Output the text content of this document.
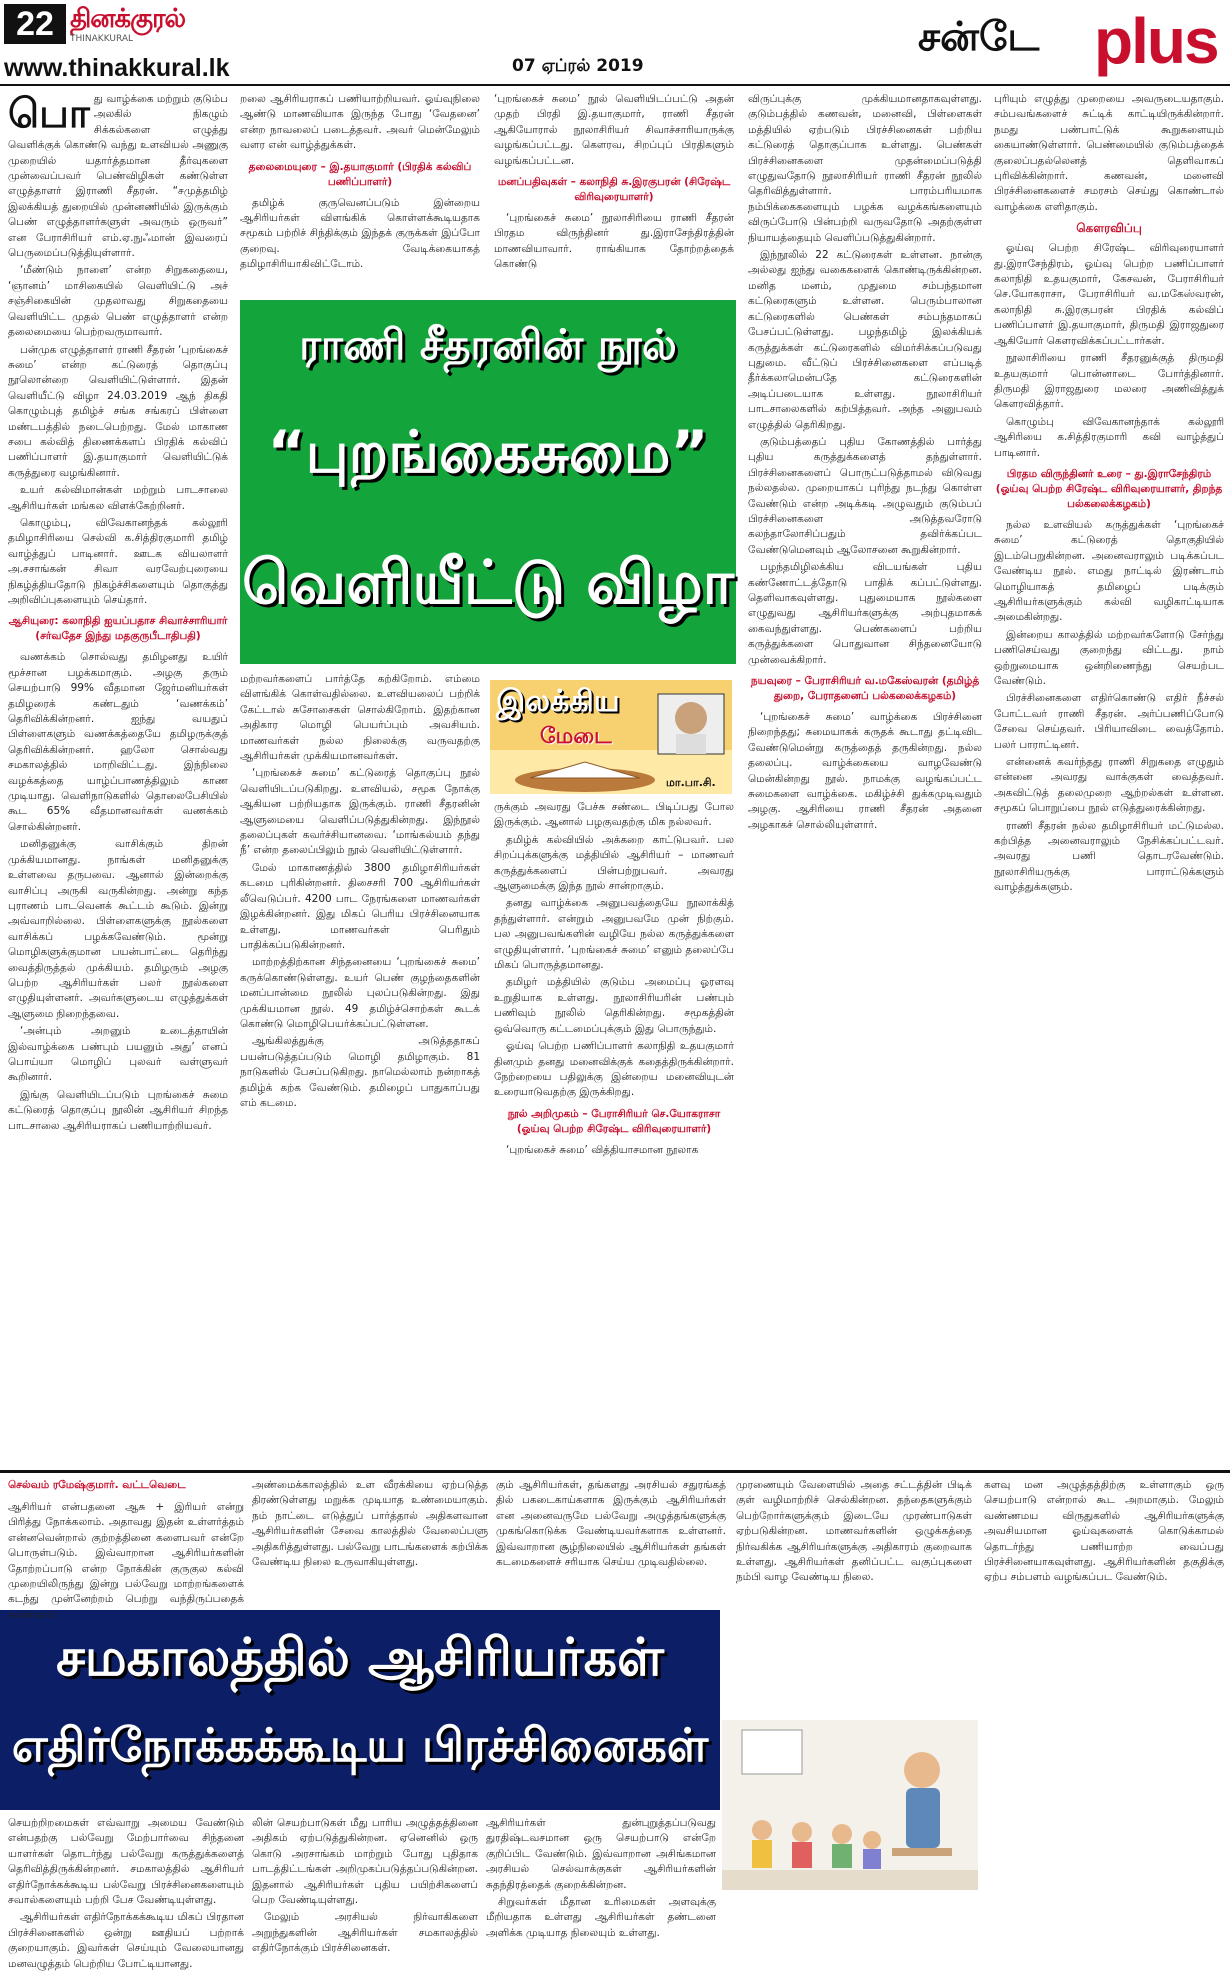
22 தினக்குரல்
THINAKKURAL
www.thinakkural.lk	07 ஏப்ரல் 2019
சன்டே plus

பொது வாழ்க்கை மற்றும் குடும்ப அலகில் நிகழும் சிக்கல்களை எழுத்து வெளிக்குக் கொண்டு வந்து உளவியல் அணுகு முறையில் யதார்த்தமான தீர்வுகளை முன்வைப்பவர் பெண்விழிகள் கண்டுள்ள எழுத்தாளர் இராணி சீதரன். “சமுத்தமிழ் இலக்கியத் துறையில் முன்னணியில் இருக்கும் பெண் எழுத்தாளர்களுள் அவரும் ஒருவர்” என பேராசிரியர் எம்.ஏ.நுஃமான் இவரைப் பெருமைப்படுத்தியுள்ளார்.

‘மீண்டும் நாளை’ என்ற சிறுகதையை, ‘ஞானம்’ மாசிகையில் வெளியிட்டு அச் சஞ்சிகையின் முதலாவது சிறுகதையை வெளியிட்ட முதல் பெண் எழுத்தாளர் என்ற தலைமையை பெற்றவருமாவார்.

பன்முக எழுத்தாளர் ராணி சீதரன் ‘புறங்கைச் சுமை’ என்ற கட்டுரைத் தொகுப்பு நூலொன்றை வெளியிட்டுள்ளார். இதன் வெளியீட்டு விழா 24.03.2019 ஆந் திகதி கொழும்புத் தமிழ்ச் சங்க சங்கரப் பிள்ளை மண்டபத்தில் நடைபெற்றது. மேல் மாகாண சபை கல்வித் திணைக்களப் பிரதிக் கல்விப் பணிப்பாளர் இ.தயாகுமார் வெளியிட்டுக் கருத்துரை வழங்கினார்.

உயர் கல்விமான்கள் மற்றும் பாடசாலை ஆசிரியர்கள் மங்கல விளக்கேற்றினர்.

கொழும்பு, விவேகானந்தக் கல்லூரி தமிழாசிரியை செல்வி க.சித்திரகுமாரி தமிழ் வாழ்த்துப் பாடினார். ஊடக வியலாளர் அ.சசாங்கன் சிவா வரவேற்புரையை நிகழ்த்தியதோடு நிகழ்ச்சிகளையும் தொகுத்து அறிவிப்புகளையும் செய்தார்.

ஆசியுரை: கலாநிதி ஐயப்பதாச சிவாச்சாரியார் (சர்வதேச இந்து மதகுருபீடாதிபதி)

வணக்கம் சொல்வது தமிழனது உயிர் மூச்சான பழக்கமாகும். அழகு தரும் செயற்பாடு 99% வீதமான ஜேர்மனியர்கள் தமிழரைக் கண்டதும் ‘வணக்கம்’ தெரிவிக்கின்றனர். ஐந்து வயதுப் பிள்ளைகளும் வணக்கத்தையே தமிழருக்குத் தெரிவிக்கின்றனர். ஹலோ சொல்வது சமகாலத்தில் மாறிவிட்டது. இந்நிலை வழக்கத்தை யாழ்ப்பாணத்திலும் காண முடியாது. வெளிநாடுகளில் தொலைபேசியில் கூட 65% வீதமானவர்கள் வணக்கம் சொல்கின்றனர்.

மனிதனுக்கு வாசிக்கும் திறன் முக்கியமானது. நாங்கள் மனிதனுக்கு உள்ளவை தருபவை. ஆனால் இன்றைக்கு வாசிப்பு அருகி வருகின்றது. அன்று கந்த புராணம் பாடவெனக் கூட்டம் கூடும். இன்று அவ்வாறில்லை. பிள்ளைகளுக்கு நூல்களை வாசிக்கப் பழக்கவேண்டும். மூன்று மொழிகளுக்குமான பயன்பாட்டை தெரிந்து வைத்திருத்தல் முக்கியம். தமிழரும் அழகு பெற்ற ஆசிரியர்கள் பலர் நூல்களை எழுதியுள்ளனர். அவர்களுடைய எழுத்துக்கள் ஆளுமை நிறைந்தவை.

‘அன்பும் அறனும் உடைத்தாயின் இல்வாழ்க்கை பண்பும் பயனும் அது’ எனப் பொய்யா மொழிப் புலவர் வள்ளுவர் கூறினார்.

இங்கு வெளியிடப்படும் புறங்கைச் சுமை கட்டுரைத் தொகுப்பு நூலின் ஆசிரியர் சிறந்த பாடசாலை ஆசிரியராகப் பணியாற்றியவர்.

றலை ஆசிரியராகப் பணியாற்றியவர். ஓய்வுநிலை ஆண்டு மாணவியாக இருந்த போது ‘வேதனை’ என்ற நாவலைப் படைத்தவர். அவர் மென்மேலும் வளர என் வாழ்த்துக்கள்.

தலைமையுரை – இ.தயாகுமார் (பிரதிக் கல்விப் பணிப்பாளர்)

தமிழ்க் குருவெனப்படும் இன்றைய ஆசிரியர்கள் விளங்கிக் கொள்ளக்கூடியதாக சமூகம் பற்றிச் சிந்திக்கும் இந்தக் குருக்கள் இப்போ குறைவு. வேடிக்கையாகத் தமிழாசிரியாகிவிட்டோம்.

‘புறங்கைச் சுமை’ நூல் வெளியிடப்பட்டு அதன் முதற் பிரதி இ.தயாகுமார், ராணி சீதரன் ஆகியோரால் நூலாசிரியர் சிவாச்சாரியாருக்கு வழங்கப்பட்டது. கௌரவ, சிறப்புப் பிரதிகளும் வழங்கப்பட்டன.

மனப்பதிவுகள் – கலாநிதி சு.இரகுபரன் (சிரேஷ்ட விரிவுரையாளர்)

‘புறங்கைச் சுமை’ நூலாசிரியை ராணி சீதரன் பிரதம விருந்தினர் து.இராசேந்திரத்தின் மாணவியாவார். ராங்கியாக தோற்றத்தைக் கொண்டு

ராணி சீதரனின் நூல்
“புறங்கைசுமை”
வெளியீட்டு விழா
இலக்கிய
மேடை
மா.பா.சி.

விருப்புக்கு முக்கியமானதாகவுள்ளது. குடும்பத்தில் கணவன், மனைவி, பிள்ளைகள் மத்தியில் ஏற்படும் பிரச்சினைகள் பற்றிய கட்டுரைத் தொகுப்பாக உள்ளது. பெண்கள் பிரச்சினைகளை முதன்மைப்படுத்தி எழுதுவதோடு நூலாசிரியர் ராணி சீதரன் நூலில் தெரிவித்துள்ளார். பாரம்பரியமாக நம்பிக்கைகளையும் பழக்க வழக்கங்களையும் விருப்போடு பின்பற்றி வருவதோடு அதற்குள்ள நியாயத்தையும் வெளிப்படுத்துகின்றார்.

இந்நூலில் 22 கட்டுரைகள் உள்ளன. நான்கு அல்லது ஐந்து வகைகளைக் கொண்டிருக்கின்றன. மனித மனம், முதுமை சம்பந்தமான கட்டுரைகளும் உள்ளன. பெரும்பாலான கட்டுரைகளில் பெண்கள் சம்பந்தமாகப் பேசப்பட்டுள்ளது. பழந்தமிழ் இலக்கியக் கருத்துக்கள் கட்டுரைகளில் விமர்சிக்கப்படுவது புதுமை. வீட்டுப் பிரச்சினைகளை எப்படித் தீர்க்கலாமென்பதே கட்டுரைகளின் அடிப்படையாக உள்ளது. நூலாசிரியர் பாடசாலைகளில் கற்பித்தவர். அந்த அனுபவம் எழுத்தில் தெரிகிறது.

குடும்பத்தைப் புதிய கோணத்தில் பார்த்து புதிய கருத்துக்களைத் தந்துள்ளார். பிரச்சினைகளைப் பொருட்படுத்தாமல் விடுவது நல்லதல்ல. முறையாகப் புரிந்து நடந்து கொள்ள வேண்டும் என்ற அடிக்கடி அழுவதும் குடும்பப் பிரச்சினைகளை அடுத்தவரோடு கலந்தாலோசிப்பதும் தவிர்க்கப்பட வேண்டுமெனவும் ஆலோசனை கூறுகின்றார்.

பழந்தமிழிலக்கிய விடயங்கள் புதிய கண்ணோட்டத்தோடு பாதிக் கப்பட்டுள்ளது. தெளிவாகவுள்ளது. புதுமையாக நூல்களை எழுதுவது ஆசிரியர்களுக்கு அற்புதமாகக் கைவந்துள்ளது. பெண்களைப் பற்றிய கருத்துக்களை பொதுவான சிந்தனையோடு முன்வைக்கிறார்.

நயவுரை – பேராசிரியர் வ.மகேஸ்வரன் (தமிழ்த் துறை, பேராதனைப் பல்கலைக்கழகம்)

‘புறங்கைச் சுமை’ வாழ்க்கை பிரச்சினை நிறைந்தது; சுமையாகக் கருதக் கூடாது தட்டிவிட வேண்டுமென்று கருத்தைத் தருகின்றது. நல்ல தலைப்பு. வாழ்க்கையை வாழவேண்டு மென்கின்றது நூல். நாமக்கு வழங்கப்பட்ட சுமைகளை வாழ்க்கை. மகிழ்ச்சி துக்கமுடிவதும் அழகு. ஆசிரியை ராணி சீதரன் அதனை அழகாகச் சொல்லியுள்ளார்.

புரியும் எழுத்து முறையை அவருடையதாகும். சம்பவங்களைச் சுட்டிக் காட்டியிருக்கின்றார். நமது பண்பாட்டுக் கூறுகளையும் கையாண்டுள்ளார். பெண்மையில் குடும்பத்தைக் குலைப்பதல்லெனத் தெளிவாகப் புரிவிக்கின்றார். கணவன், மனைவி பிரச்சினைகளைச் சமரசம் செய்து கொண்டால் வாழ்க்கை எளிதாகும்.

கௌரவிப்பு

ஓய்வு பெற்ற சிரேஷ்ட விரிவுரையாளர் து.இராசேந்திரம், ஓய்வு பெற்ற பணிப்பாளர் கலாநிதி உதயகுமார், கேசவன், பேராசிரியர் செ.யோகராசா, பேராசிரியர் வ.மகேஸ்வரன், கலாநிதி சு.இரகுபரன் பிரதிக் கல்விப் பணிப்பாளர் இ.தயாகுமார், திருமதி இராஜதுரை ஆகியோர் கௌரவிக்கப்பட்டார்கள்.

நூலாசிரியை ராணி சீதரனுக்குத் திருமதி உதயகுமார் பொன்னாடை போர்த்தினார். திருமதி இராஜதுரை மலரை அணிவித்துக் கௌரவித்தார்.

கொழும்பு விவேகானந்தாக் கல்லூரி ஆசிரியை க.சித்திரகுமாரி கவி வாழ்த்துப் பாடினார்.

பிரதம விருந்தினர் உரை – து.இராசேந்திரம் (ஓய்வு பெற்ற சிரேஷ்ட விரிவுரையாளர், திறந்த பல்கலைக்கழகம்)

நல்ல உளவியல் கருத்துக்கள் ‘புறங்கைச் சுமை’ கட்டுரைத் தொகுதியில் இடம்பெறுகின்றன. அனைவராலும் படிக்கப்பட வேண்டிய நூல். எமது நாட்டில் இரண்டாம் மொழியாகத் தமிழைப் படிக்கும் ஆசிரியர்களுக்கும் கல்வி வழிகாட்டியாக அமைகின்றது.

இன்றைய காலத்தில் மற்றவர்களோடு சேர்ந்து பணிசெய்வது குறைந்து விட்டது. நாம் ஒற்றுமையாக ஒன்றிணைந்து செயற்பட வேண்டும்.

பிரச்சினைகளை எதிர்கொண்டு எதிர் நீச்சல் போட்டவர் ராணி சீதரன். அர்ப்பணிப்போடு சேவை செய்தவர். பிரியாவிடை வைத்தோம். பலர் பாராட்டினர்.

என்னைக் கவர்ந்தது ராணி சிறுகதை எழுதும் என்னை அவரது வாக்குகள் வைத்தவர். அகவிட்டுத் தலைமுறை ஆற்றல்கள் உள்ளன. சமூகப் பொறுப்பை நூல் எடுத்துரைக்கின்றது.

ராணி சீதரன் நல்ல தமிழாசிரியர் மட்டுமல்ல. கற்பித்த அனைவராலும் நேசிக்கப்பட்டவர். அவரது பணி தொடரவேண்டும். நூலாசிரியருக்கு பாராட்டுக்களும் வாழ்த்துக்களும்.

மற்றவர்களைப் பார்த்தே கற்கிறோம். எம்மை விளங்கிக் கொள்வதில்லை. உளவியலைப் பற்றிக் கேட்டால் சுசோசைகள் சொல்கிறோம். இதற்கான அதிகார மொழி பெயர்ப்பும் அவசியம். மாணவர்கள் நல்ல நிலைக்கு வருவதற்கு ஆசிரியர்கள் முக்கியமானவர்கள்.

‘புறங்கைச் சுமை’ கட்டுரைத் தொகுப்பு நூல் வெளியிடப்படுகிறது. உளவியல், சமூக நோக்கு ஆகியன பற்றியதாக இருக்கும். ராணி சீதரனின் ஆளுமையை வெளிப்படுத்துகின்றது. இந்நூல் தலைப்புகள் கவர்ச்சியானவை. ‘மாங்கல்யம் தந்து நீ’ என்ற தலைப்பிலும் நூல் வெளியிட்டுள்ளார்.

மேல் மாகாணத்தில் 3800 தமிழாசிரியர்கள் கடமை புரிகின்றனர். திசைசரி 700 ஆசிரியர்கள் லீவெடுப்பர். 4200 பாட நேரங்களை மாணவர்கள் இழக்கின்றனர். இது மிகப் பெரிய பிரச்சினையாக உள்ளது. மாணவர்கள் பெரிதும் பாதிக்கப்படுகின்றனர்.

மாற்றத்திற்கான சிந்தனையை ‘புறங்கைச் சுமை’ கருக்கொண்டுள்ளது. உயர் பெண் குழந்தைகளின் மனப்பான்மை நூலில் புலப்படுகின்றது. இது முக்கியமான நூல். 49 தமிழ்ச்சொற்கள் கூடக் கொண்டு மொழிபெயர்க்கப்பட்டுள்ளன.

ஆங்கிலத்துக்கு அடுத்ததாகப் பயன்படுத்தப்படும் மொழி தமிழாகும். 81 நாடுகளில் பேசப்படுகிறது. நாமெல்லாம் நன்றாகத் தமிழ்க் கற்க வேண்டும். தமிழைப் பாதுகாப்பது எம் கடமை.

ருக்கும் அவரது பேச்சு சண்டை பிடிப்பது போல இருக்கும். ஆனால் பழகுவதற்கு மிக நல்லவர்.

தமிழ்க் கல்வியில் அக்கறை காட்டுபவர். பல சிறப்புக்களுக்கு மத்தியில் ஆசிரியர் – மாணவர் கருத்துக்களைப் பின்பற்றுபவர். அவரது ஆளுமைக்கு இந்த நூல் சான்றாகும்.

தனது வாழ்க்கை அனுபவத்தையே நூலாக்கித் தந்துள்ளார். என்றும் அனுபவமே முன் நிற்கும். பல அனுபவங்களின் வழியே நல்ல கருத்துக்களை எழுதியுள்ளார். ‘புறங்கைச் சுமை’ எனும் தலைப்பே மிகப் பொருத்தமானது.

தமிழர் மத்தியில் குடும்ப அமைப்பு ஓரளவு உறுதியாக உள்ளது. நூலாசிரியரின் பண்பும் பணிவும் நூலில் தெரிகின்றது. சமூகத்தின் ஒவ்வொரு கட்டமைப்புக்கும் இது பொருந்தும்.

ஓய்வு பெற்ற பணிப்பாளர் கலாநிதி உதயகுமார் தினமும் தனது மனைவிக்குக் கதைத்திருக்கின்றார். நேற்றையை பதிலுக்கு இன்றைய மனைவியுடன் உரையாடுவதற்கு இருக்கிறது.

நூல் அறிமுகம் – பேராசிரியர் செ.யோகராசா (ஓய்வு பெற்ற சிரேஷ்ட விரிவுரையாளர்)

‘புறங்கைச் சுமை’ வித்தியாசமான நூலாக

செல்வம் ரமேஷ்குமார். வட்டவெடை
சமகாலத்தில் ஆசிரியர்கள்
எதிர்நோக்கக்கூடிய பிரச்சினைகள்

ஆசிரியர் என்பதனை ஆசு + இரியர் என்று பிரித்து நோக்கலாம். அதாவது இதன் உள்ளர்த்தம் என்னவென்றால் குற்றத்தினை களைபவர் என்றே பொருள்படும். இவ்வாறான ஆசிரியர்களின் தோற்றப்பாடு என்ற நோக்கின் குருகுல கல்வி முறையிலிருந்து இன்று பல்வேறு மாற்றங்களைக் கடந்து முன்னேற்றம் பெற்று வந்திருப்பதைக் காணலாம்.

அண்மைக்காலத்தில் உள வீரக்கியை ஏற்படுத்த திரண்டுள்ளது மறுக்க முடியாத உண்மையாகும். நம் நாட்டை எடுத்துப் பார்த்தால் அதிகளவான ஆசிரியர்களின் சேவை காலத்தில் வேலைப்பளு அதிகரித்துள்ளது. பல்வேறு பாடங்களைக் கற்பிக்க வேண்டிய நிலை உருவாகியுள்ளது.

கும் ஆசிரியர்கள், தங்களது அரசியல் சதுரங்கத் தில் பகடைகாய்களாக இருக்கும் ஆசிரியர்கள் என அனைவருமே பல்வேறு அழுத்தங்களுக்கு முகங்கொடுக்க வேண்டியவர்களாக உள்ளனர். இவ்வாறான சூழ்நிலையில் ஆசிரியர்கள் தங்கள் கடமைகளைச் சரியாக செய்ய முடிவதில்லை.

முரணையும் வேளையில் அதை சட்டத்தின் பிடிக் குள் வழிமாற்றிச் செல்கின்றன. தந்தைகளுக்கும் பெற்றோர்களுக்கும் இடையே முரண்பாடுகள் ஏற்படுகின்றன. மாணவர்களின் ஒழுக்கத்தை நிர்வகிக்க ஆசிரியர்களுக்கு அதிகாரம் குறைவாக உள்ளது. ஆசிரியர்கள் தனிப்பட்ட வகுப்புகளை நம்பி வாழ வேண்டிய நிலை.

களவு மன அழுத்தத்திற்கு உள்ளாகும் ஒரு செயற்பாடு என்றால் கூட அறமாகும். மேலும் வண்ணமய விருதுகளில் ஆசிரியர்களுக்கு அவசியமான ஓய்வுகளைக் கொடுக்காமல் தொடர்ந்து பணியாற்ற வைப்பது பிரச்சினையாகவுள்ளது. ஆசிரியர்களின் தகுதிக்கு ஏற்ப சம்பளம் வழங்கப்பட வேண்டும்.

செயற்றிறமைகள் எவ்வாறு அமைய வேண்டும் என்பதற்கு பல்வேறு மேற்பார்வை சிந்தனை யாளர்கள் தொடர்ந்து பல்வேறு கருத்துக்களைத் தெரிவித்திருக்கின்றனர். சமகாலத்தில் ஆசிரியர் எதிர்நோக்கக்கூடிய பல்வேறு பிரச்சினைகளையும் சவால்களையும் பற்றி பேச வேண்டியுள்ளது.

ஆசிரியர்கள் எதிர்நோக்கக்கூடிய மிகப் பிரதான பிரச்சினைகளில் ஒன்று ஊதியப் பற்றாக் குறையாகும். இவர்கள் செய்யும் வேலையானது மனவழுத்தம் பெற்றிய போட்டியானது.

லின் செயற்பாடுகள் மீது பாரிய அழுத்தத்தினை அதிகம் ஏற்படுத்துகின்றன. ஏனெனில் ஒரு கொடு அரசாங்கம் மாற்றும் போது புதிதாக பாடத்திட்டங்கள் அறிமுகப்படுத்தப்படுகின்றன. இதனால் ஆசிரியர்கள் புதிய பயிற்சிகளைப் பெற வேண்டியுள்ளது.

மேலும் அரசியல் நிர்வாகிகளை அறுந்துகளின் ஆசிரியர்கள் சமகாலத்தில் எதிர்நோக்கும் பிரச்சினைகள்.

ஆசிரியர்கள் துன்புறுத்தப்படுவது துரதிஷ்டவசமான ஒரு செயற்பாடு என்றே குறிப்பிட வேண்டும். இவ்வாறான அசிங்கமான அரசியல் செல்வாக்குகள் ஆசிரியர்களின் சுதந்திரத்தைக் குறைக்கின்றன.

சிறுவர்கள் மீதான உரிமைகள் அளவுக்கு மீறியதாக உள்ளது ஆசிரியர்கள் தண்டனை அளிக்க முடியாத நிலையும் உள்ளது.
